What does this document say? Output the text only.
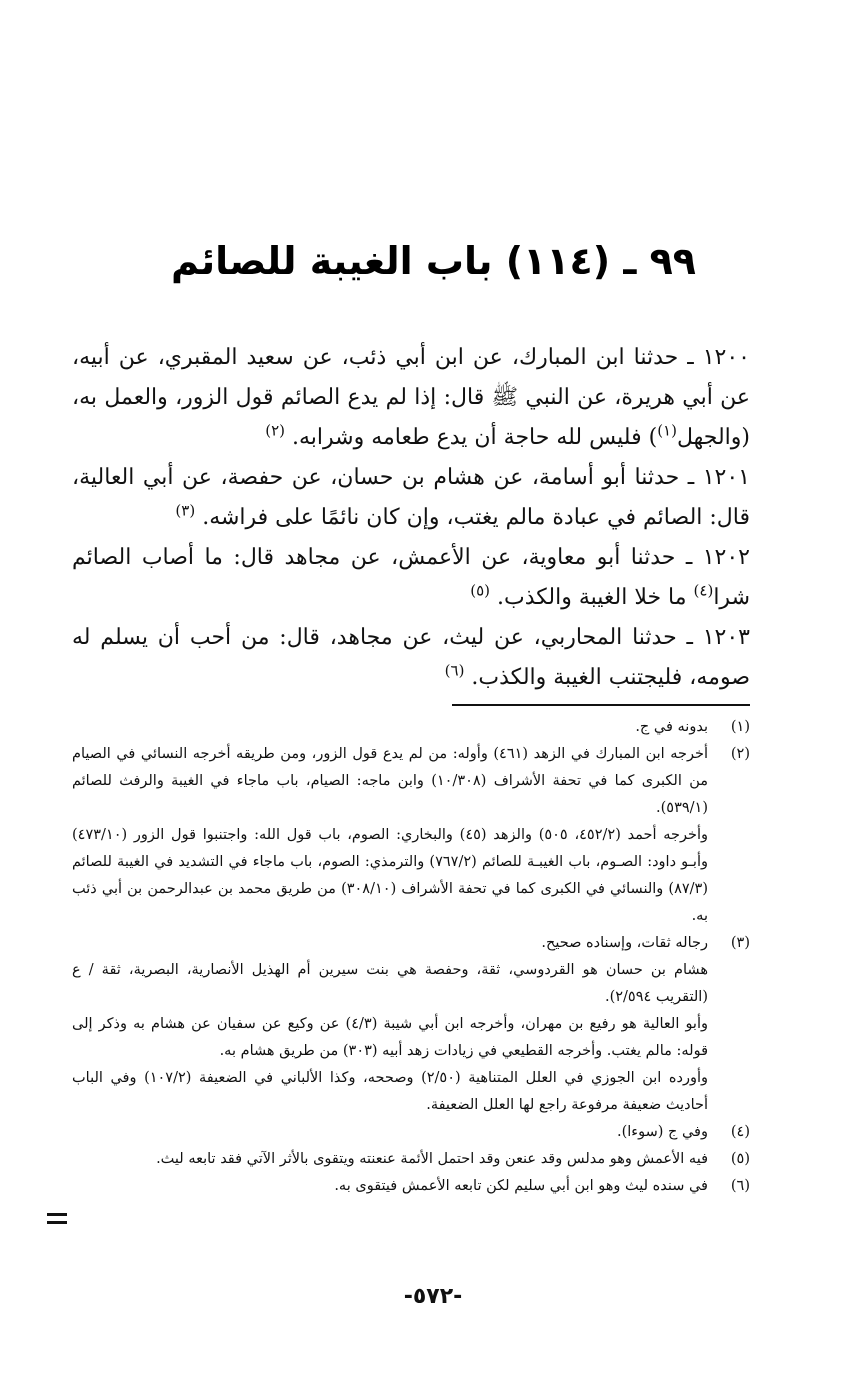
٩٩ ـ (١١٤) باب الغيبة للصائم

١٢٠٠ ـ حدثنا ابن المبارك، عن ابن أبي ذئب، عن سعيد المقبري، عن أبيه، عن أبي هريرة، عن النبي ﷺ قال: إذا لم يدع الصائم قول الزور، والعمل به، (والجهل$^{(١)}$) فليس لله حاجة أن يدع طعامه وشرابه. $^{(٢)}$

١٢٠١ ـ حدثنا أبو أسامة، عن هشام بن حسان، عن حفصة، عن أبي العالية، قال: الصائم في عبادة مالم يغتب، وإن كان نائمًا على فراشه. $^{(٣)}$

١٢٠٢ ـ حدثنا أبو معاوية، عن الأعمش، عن مجاهد قال: ما أصاب الصائم شرا$^{(٤)}$ ما خلا الغيبة والكذب. $^{(٥)}$

١٢٠٣ ـ حدثنا المحاربي، عن ليث، عن مجاهد، قال: من أحب أن يسلم له صومه، فليجتنب الغيبة والكذب. $^{(٦)}$

(١)

بدونه في ج.

(٢)

أخرجه ابن المبارك في الزهد (٤٦١) وأوله: من لم يدع قول الزور، ومن طريقه أخرجه النسائي في الصيام من الكبرى كما في تحفة الأشراف (١٠/٣٠٨) وابن ماجه: الصيام، باب ماجاء في الغيبة والرفث للصائم (٥٣٩/١).

وأخرجه أحمد (٤٥٢/٢، ٥٠٥) والزهد (٤٥) والبخاري: الصوم، باب قول الله: واجتنبوا قول الزور (٤٧٣/١٠) وأبـو داود: الصـوم، باب الغيبـة للصائم (٧٦٧/٢) والترمذي: الصوم، باب ماجاء في التشديد في الغيبة للصائم (٨٧/٣) والنسائي في الكبرى كما في تحفة الأشراف (٣٠٨/١٠) من طريق محمد بن عبدالرحمن بن أبي ذئب به.

(٣)

رجاله ثقات، وإسناده صحيح.

هشام بن حسان هو القردوسي، ثقة، وحفصة هي بنت سيرين أم الهذيل الأنصارية، البصرية، ثقة / ع (التقريب ٢/٥٩٤).

وأبو العالية هو رفيع بن مهران، وأخرجه ابن أبي شيبة (٤/٣) عن وكيع عن سفيان عن هشام به وذكر إلى قوله: مالم يغتب. وأخرجه القطيعي في زيادات زهد أبيه (٣٠٣) من طريق هشام به.

وأورده ابن الجوزي في العلل المتناهية (٢/٥٠) وصححه، وكذا الألباني في الضعيفة (١٠٧/٢) وفي الباب أحاديث ضعيفة مرفوعة راجع لها العلل الضعيفة.

(٤)

وفي ج (سوءا).

(٥)

فيه الأعمش وهو مدلس وقد عنعن وقد احتمل الأئمة عنعنته ويتقوى بالأثر الآتي فقد تابعه ليث.

(٦)

في سنده ليث وهو ابن أبي سليم لكن تابعه الأعمش فيتقوى به.

-٥٧٢-
